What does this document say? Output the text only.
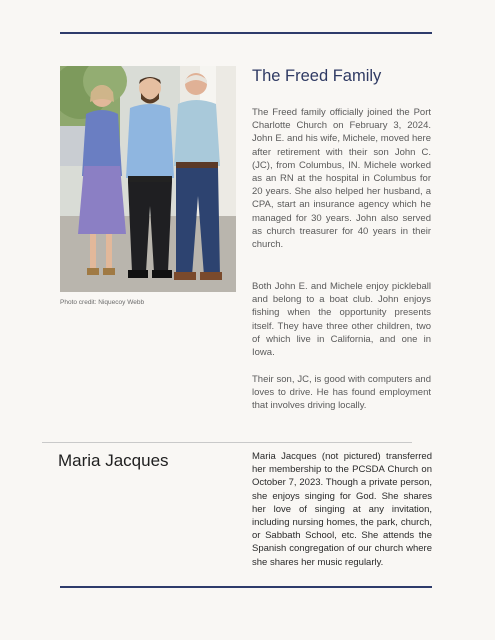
Photo credit: Niquecoy Webb
The Freed Family

The Freed family officially joined the Port Charlotte Church on February 3, 2024. John E. and his wife, Michele, moved here after retirement with their son John C. (JC), from Columbus, IN. Michele worked as an RN at the hospital in Columbus for 20 years. She also helped her husband, a CPA, start an insurance agency which he managed for 30 years. John also served as church treasurer for 40 years in their church.

Both John E. and Michele enjoy pickleball and belong to a boat club. John enjoys fishing when the opportunity presents itself. They have three other children, two of which live in California, and one in Iowa.

Their son, JC, is good with computers and loves to drive. He has found employment that involves driving locally.

Maria Jacques	Maria Jacques (not pictured) transferred her membership to the PCSDA Church on October 7, 2023. Though a private person, she enjoys singing for God. She shares her love of singing at any invitation, including nursing homes, the park, church, or Sabbath School, etc. She attends the Spanish congregation of our church where she shares her music regularly.
